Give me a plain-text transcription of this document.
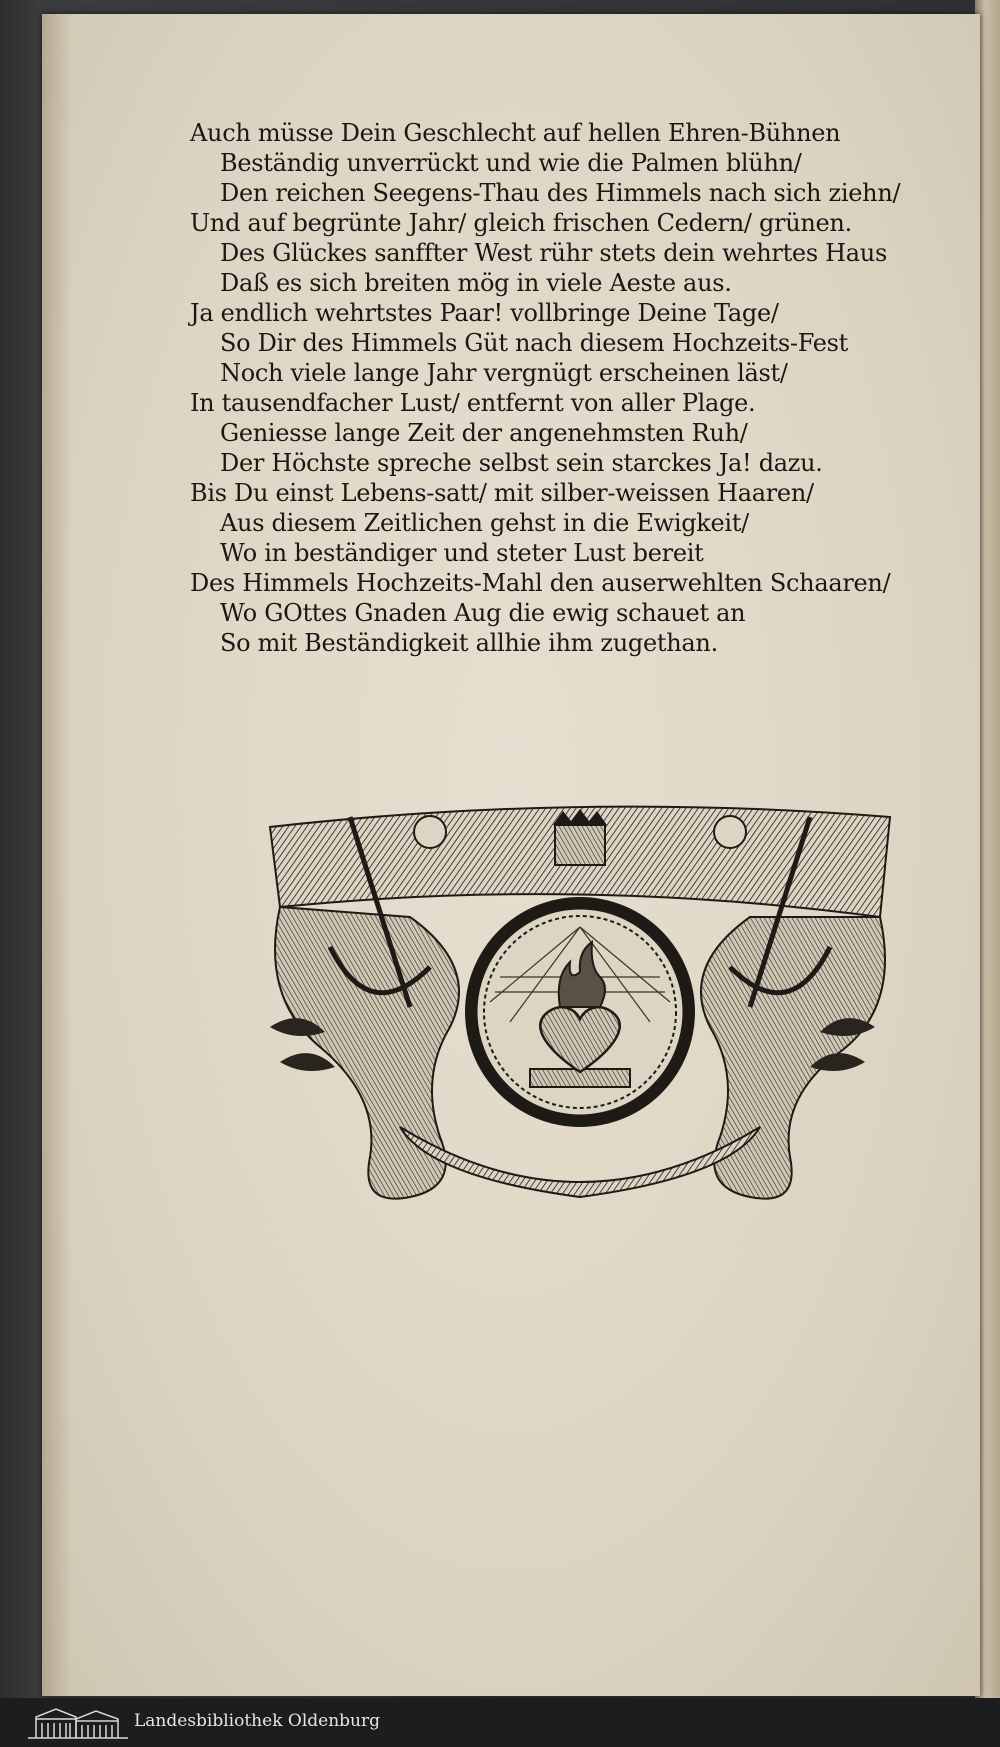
Auch müsse Dein Geschlecht auf hellen Ehren-Bühnen
Beständig unverrückt und wie die Palmen blühn/
Den reichen Seegens-Thau des Himmels nach sich ziehn/
Und auf begrünte Jahr/ gleich frischen Cedern/ grünen.
Des Glückes sanffter West rühr stets dein wehrtes Haus
Daß es sich breiten mög in viele Aeste aus.
Ja endlich wehrtstes Paar! vollbringe Deine Tage/
So Dir des Himmels Güt nach diesem Hochzeits-Fest
Noch viele lange Jahr vergnügt erscheinen läst/
In tausendfacher Lust/ entfernt von aller Plage.
Geniesse lange Zeit der angenehmsten Ruh/
Der Höchste spreche selbst sein starckes Ja! dazu.
Bis Du einst Lebens-satt/ mit silber-weissen Haaren/
Aus diesem Zeitlichen gehst in die Ewigkeit/
Wo in beständiger und steter Lust bereit
Des Himmels Hochzeits-Mahl den auserwehlten Schaaren/
Wo GOttes Gnaden Aug die ewig schauet an
So mit Beständigkeit allhie ihm zugethan.
Landesbibliothek Oldenburg
